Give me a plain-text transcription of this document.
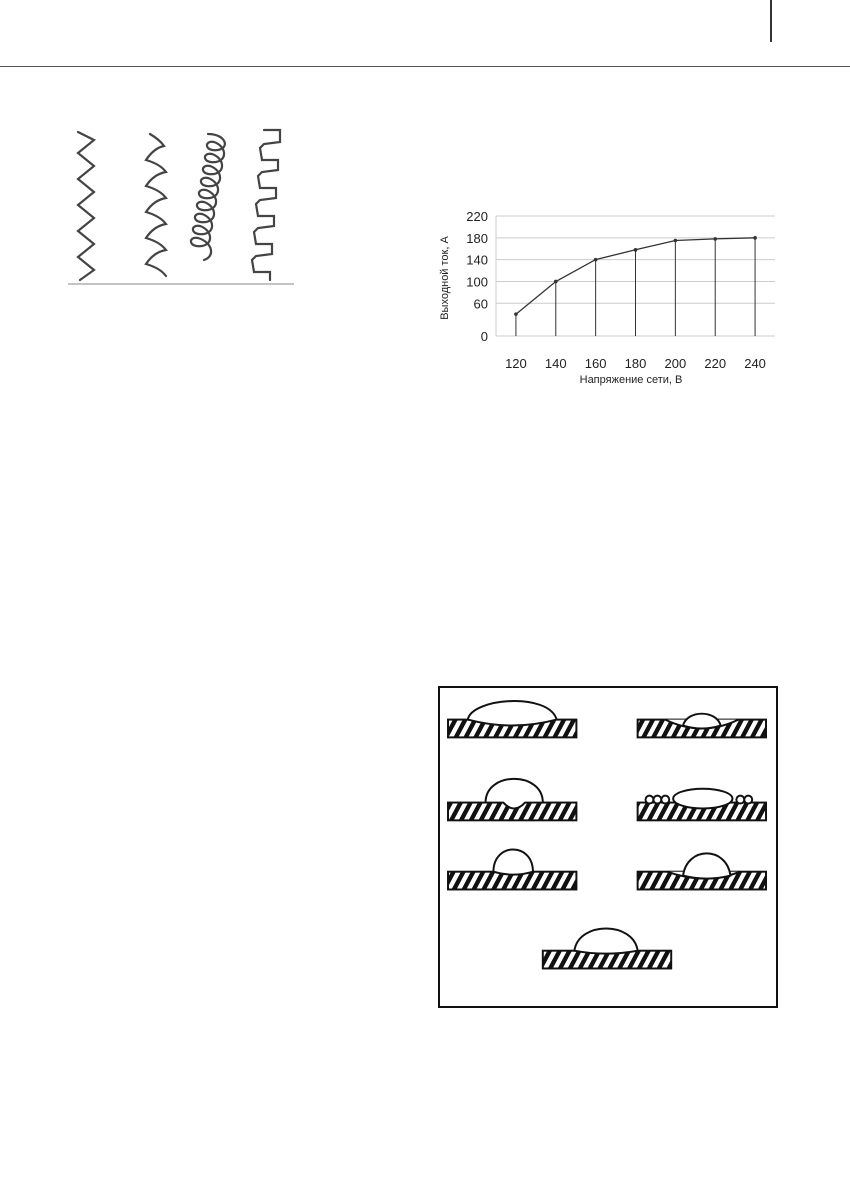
220
180
140
100
60
0
120 140 160 180 200 220 240
Напряжение сети, В
Выходной ток, А
